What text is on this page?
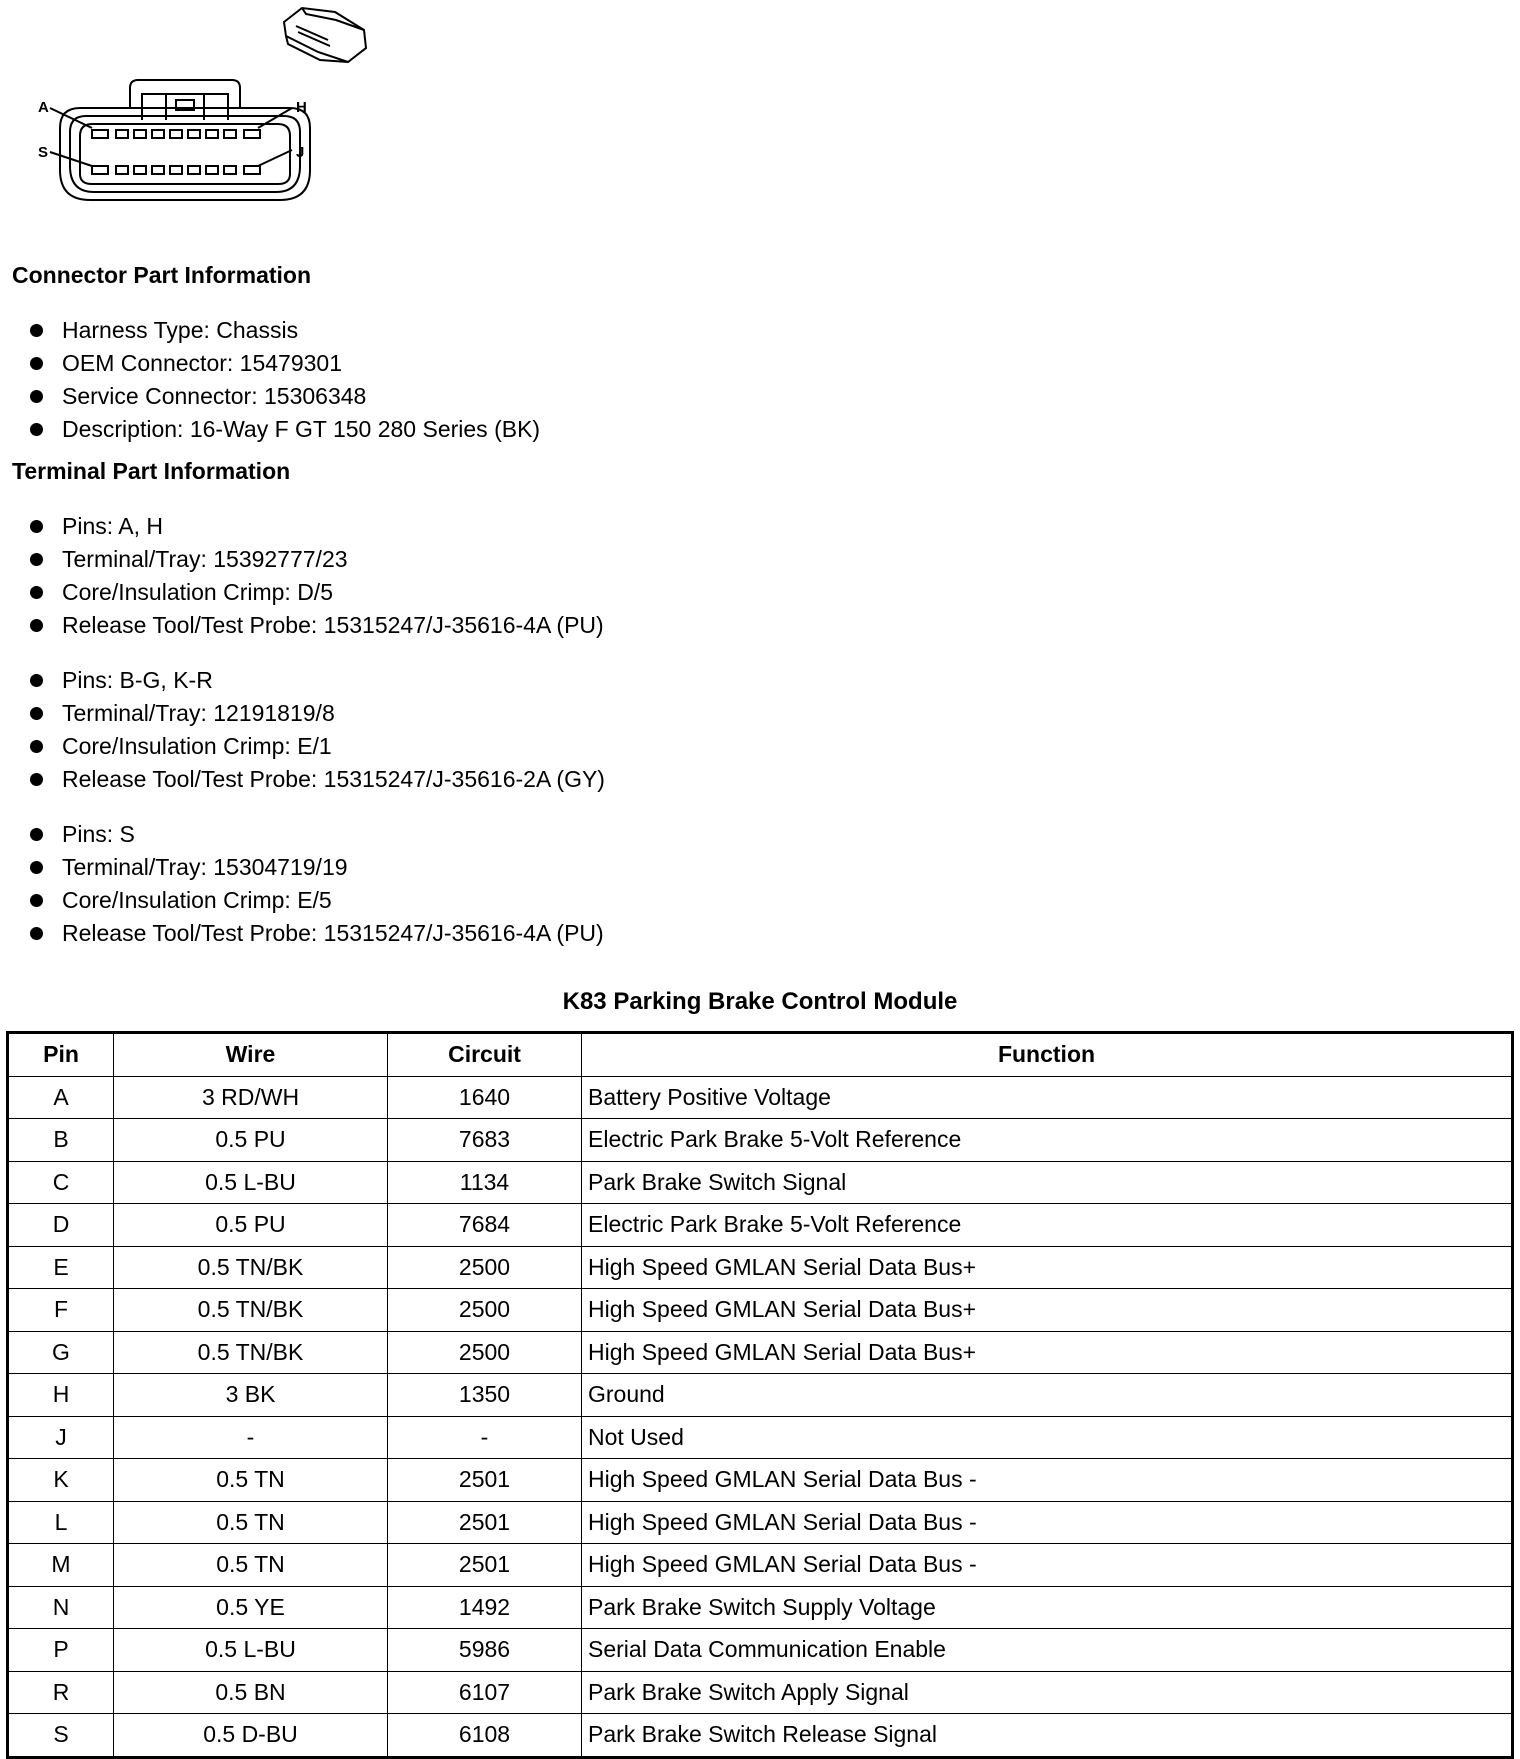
A	H
S	J
Connector Part Information
Harness Type: Chassis
OEM Connector: 15479301
Service Connector: 15306348
Description: 16-Way F GT 150 280 Series (BK)
Terminal Part Information
Pins: A, H
Terminal/Tray: 15392777/23
Core/Insulation Crimp: D/5
Release Tool/Test Probe: 15315247/J-35616-4A (PU)
Pins: B-G, K-R
Terminal/Tray: 12191819/8
Core/Insulation Crimp: E/1
Release Tool/Test Probe: 15315247/J-35616-2A (GY)
Pins: S
Terminal/Tray: 15304719/19
Core/Insulation Crimp: E/5
Release Tool/Test Probe: 15315247/J-35616-4A (PU)
K83 Parking Brake Control Module
Pin	Wire	Circuit	Function
A	3 RD/WH	1640	Battery Positive Voltage
B	0.5 PU	7683	Electric Park Brake 5-Volt Reference
C	0.5 L-BU	1134	Park Brake Switch Signal
D	0.5 PU	7684	Electric Park Brake 5-Volt Reference
E	0.5 TN/BK	2500	High Speed GMLAN Serial Data Bus+
F	0.5 TN/BK	2500	High Speed GMLAN Serial Data Bus+
G	0.5 TN/BK	2500	High Speed GMLAN Serial Data Bus+
H	3 BK	1350	Ground
J	-	-	Not Used
K	0.5 TN	2501	High Speed GMLAN Serial Data Bus -
L	0.5 TN	2501	High Speed GMLAN Serial Data Bus -
M	0.5 TN	2501	High Speed GMLAN Serial Data Bus -
N	0.5 YE	1492	Park Brake Switch Supply Voltage
P	0.5 L-BU	5986	Serial Data Communication Enable
R	0.5 BN	6107	Park Brake Switch Apply Signal
S	0.5 D-BU	6108	Park Brake Switch Release Signal
